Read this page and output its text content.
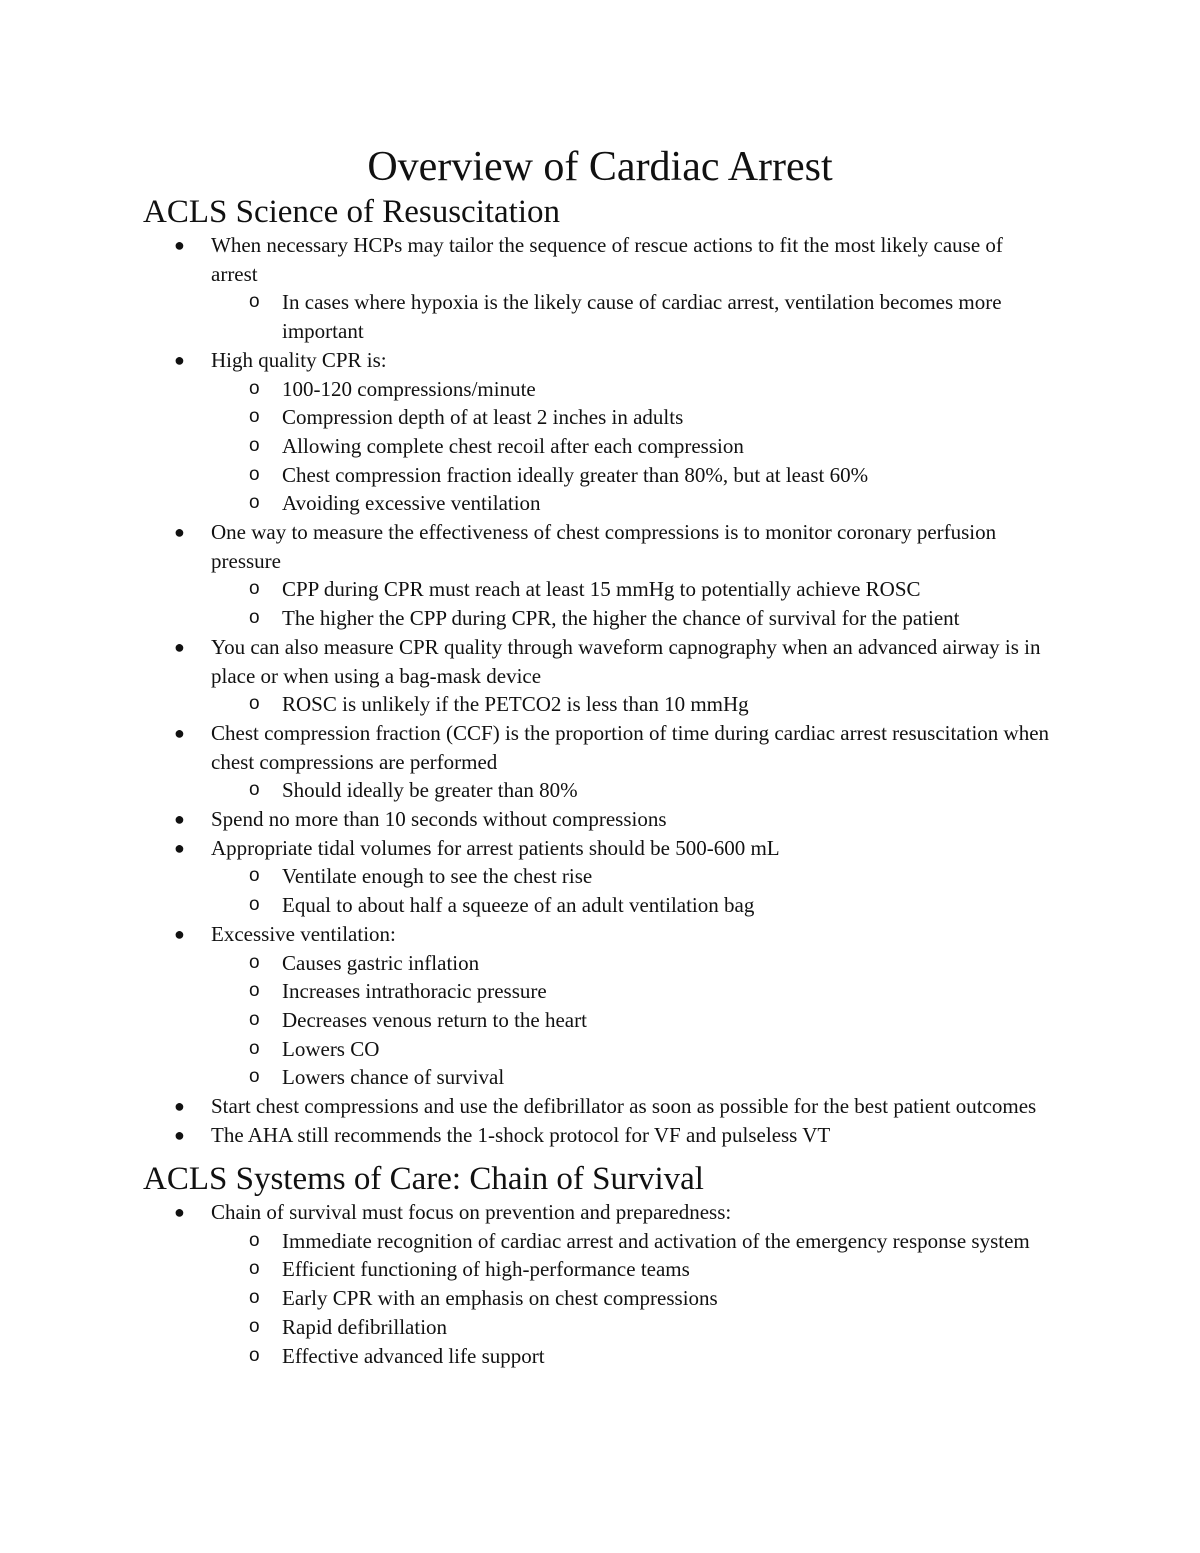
Overview of Cardiac Arrest
ACLS Science of Resuscitation
● When necessary HCPs may tailor the sequence of rescue actions to fit the most likely cause of arrest
o In cases where hypoxia is the likely cause of cardiac arrest, ventilation becomes more important
● High quality CPR is:
o 100-120 compressions/minute
o Compression depth of at least 2 inches in adults
o Allowing complete chest recoil after each compression
o Chest compression fraction ideally greater than 80%, but at least 60%
o Avoiding excessive ventilation
● One way to measure the effectiveness of chest compressions is to monitor coronary perfusion pressure
o CPP during CPR must reach at least 15 mmHg to potentially achieve ROSC
o The higher the CPP during CPR, the higher the chance of survival for the patient
● You can also measure CPR quality through waveform capnography when an advanced airway is in place or when using a bag-mask device
o ROSC is unlikely if the PETCO2 is less than 10 mmHg
● Chest compression fraction (CCF) is the proportion of time during cardiac arrest resuscitation when chest compressions are performed
o Should ideally be greater than 80%
● Spend no more than 10 seconds without compressions
● Appropriate tidal volumes for arrest patients should be 500-600 mL
o Ventilate enough to see the chest rise
o Equal to about half a squeeze of an adult ventilation bag
● Excessive ventilation:
o Causes gastric inflation
o Increases intrathoracic pressure
o Decreases venous return to the heart
o Lowers CO
o Lowers chance of survival
● Start chest compressions and use the defibrillator as soon as possible for the best patient outcomes
● The AHA still recommends the 1-shock protocol for VF and pulseless VT
ACLS Systems of Care: Chain of Survival
● Chain of survival must focus on prevention and preparedness:
o Immediate recognition of cardiac arrest and activation of the emergency response system
o Efficient functioning of high-performance teams
o Early CPR with an emphasis on chest compressions
o Rapid defibrillation
o Effective advanced life support
